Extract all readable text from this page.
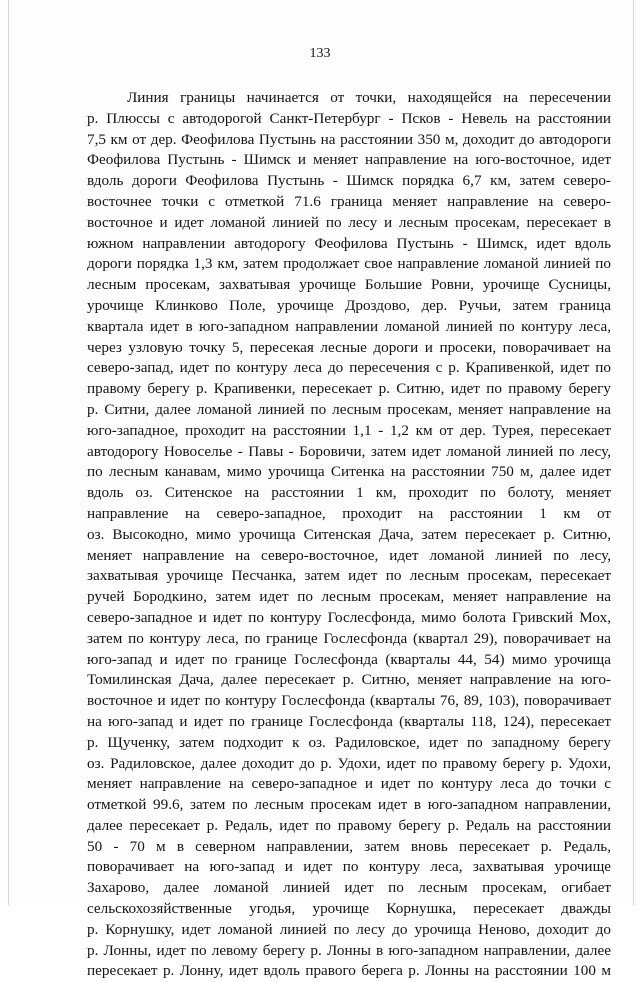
133
Линия границы начинается от точки, находящейся на пересечении
р. Плюссы с автодорогой Санкт-Петербург - Псков - Невель на расстоянии
7,5 км от дер. Феофилова Пустынь на расстоянии 350 м, доходит до автодороги
Феофилова Пустынь - Шимск и меняет направление на юго-восточное, идет
вдоль дороги Феофилова Пустынь - Шимск порядка 6,7 км, затем северо-
восточнее точки с отметкой 71.6 граница меняет направление на северо-
восточное и идет ломаной линией по лесу и лесным просекам, пересекает в
южном направлении автодорогу Феофилова Пустынь - Шимск, идет вдоль
дороги порядка 1,3 км, затем продолжает свое направление ломаной линией по
лесным просекам, захватывая урочище Большие Ровни, урочище Сусницы,
урочище Клинково Поле, урочище Дроздово, дер. Ручьи, затем граница
квартала идет в юго-западном направлении ломаной линией по контуру леса,
через узловую точку 5, пересекая лесные дороги и просеки, поворачивает на
северо-запад, идет по контуру леса до пересечения с р. Крапивенкой, идет по
правому берегу р. Крапивенки, пересекает р. Ситню, идет по правому берегу
р. Ситни, далее ломаной линией по лесным просекам, меняет направление на
юго-западное, проходит на расстоянии 1,1 - 1,2 км от дер. Турея, пересекает
автодорогу Новоселье - Павы - Боровичи, затем идет ломаной линией по лесу,
по лесным канавам, мимо урочища Ситенка на расстоянии 750 м, далее идет
вдоль оз. Ситенское на расстоянии 1 км, проходит по болоту, меняет
направление на северо-западное, проходит на расстоянии 1 км от
оз. Высокодно, мимо урочища Ситенская Дача, затем пересекает р. Ситню,
меняет направление на северо-восточное, идет ломаной линией по лесу,
захватывая урочище Песчанка, затем идет по лесным просекам, пересекает
ручей Бородкино, затем идет по лесным просекам, меняет направление на
северо-западное и идет по контуру Гослесфонда, мимо болота Гривский Мох,
затем по контуру леса, по границе Гослесфонда (квартал 29), поворачивает на
юго-запад и идет по границе Гослесфонда (кварталы 44, 54) мимо урочища
Томилинская Дача, далее пересекает р. Ситню, меняет направление на юго-
восточное и идет по контуру Гослесфонда (кварталы 76, 89, 103), поворачивает
на юго-запад и идет по границе Гослесфонда (кварталы 118, 124), пересекает
р. Щученку, затем подходит к оз. Радиловское, идет по западному берегу
оз. Радиловское, далее доходит до р. Удохи, идет по правому берегу р. Удохи,
меняет направление на северо-западное и идет по контуру леса до точки с
отметкой 99.6, затем по лесным просекам идет в юго-западном направлении,
далее пересекает р. Редаль, идет по правому берегу р. Редаль на расстоянии
50 - 70 м в северном направлении, затем вновь пересекает р. Редаль,
поворачивает на юго-запад и идет по контуру леса, захватывая урочище
Захарово, далее ломаной линией идет по лесным просекам, огибает
сельскохозяйственные угодья, урочище Корнушка, пересекает дважды
р. Корнушку, идет ломаной линией по лесу до урочища Неново, доходит до
р. Лонны, идет по левому берегу р. Лонны в юго-западном направлении, далее
пересекает р. Лонну, идет вдоль правого берега р. Лонны на расстоянии 100 м
